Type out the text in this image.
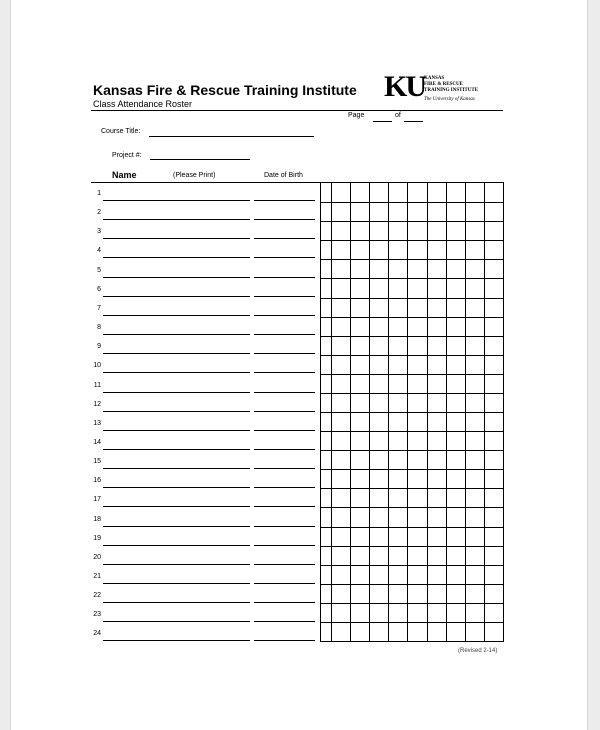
Kansas Fire & Rescue Training Institute
Class Attendance Roster
KU KANSAS
FIRE & RESCUE
TRAINING INSTITUTE
The University of Kansas
Page	of
Course Title:
Project #:
Name	(Please Print)	Date of Birth
1
2
3
4
5
6
7
8
9
10
11
12
13
14
15
16
17
18
19
20
21
22
23
24
(Revised 2-14)
